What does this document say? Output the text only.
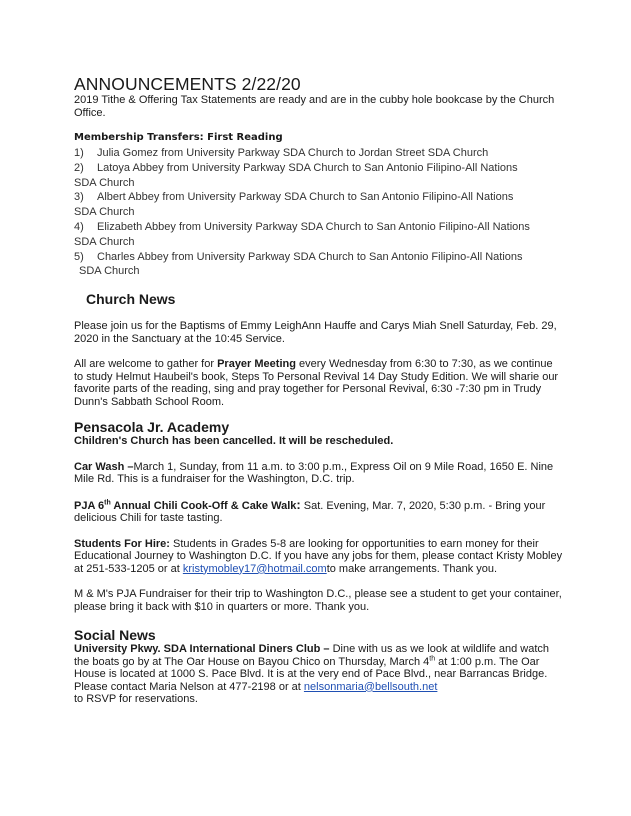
ANNOUNCEMENTS 2/22/20

2019 Tithe & Offering Tax Statements are ready and are in the cubby hole bookcase by the Church Office.

Membership Transfers: First Reading
1) Julia Gomez from University Parkway SDA Church to Jordan Street SDA Church
2) Latoya Abbey from University Parkway SDA Church to San Antonio Filipino-All Nations
SDA Church
3) Albert Abbey from University Parkway SDA Church to San Antonio Filipino-All Nations
SDA Church
4) Elizabeth Abbey from University Parkway SDA Church to San Antonio Filipino-All Nations
SDA Church
5) Charles Abbey from University Parkway SDA Church to San Antonio Filipino-All Nations
SDA Church
Church News

Please join us for the Baptisms of Emmy LeighAnn Hauffe and Carys Miah Snell Saturday, Feb. 29, 2020 in the Sanctuary at the 10:45 Service.

All are welcome to gather for Prayer Meeting every Wednesday from 6:30 to 7:30, as we continue to study Helmut Haubeil's book, Steps To Personal Revival 14 Day Study Edition. We will sharie our favorite parts of the reading, sing and pray together for Personal Revival, 6:30 -7:30 pm in Trudy Dunn's Sabbath School Room.

Pensacola Jr. Academy

Children's Church has been cancelled. It will be rescheduled.

Car Wash –March 1, Sunday, from 11 a.m. to 3:00 p.m., Express Oil on 9 Mile Road, 1650 E. Nine Mile Rd. This is a fundraiser for the Washington, D.C. trip.

PJA 6th Annual Chili Cook-Off & Cake Walk: Sat. Evening, Mar. 7, 2020, 5:30 p.m. - Bring your delicious Chili for taste tasting.

Students For Hire: Students in Grades 5-8 are looking for opportunities to earn money for their Educational Journey to Washington D.C. If you have any jobs for them, please contact Kristy Mobley at 251-533-1205 or at kristymobley17@hotmail.comto make arrangements. Thank you.

M & M's PJA Fundraiser for their trip to Washington D.C., please see a student to get your container, please bring it back with $10 in quarters or more. Thank you.

Social News

University Pkwy. SDA International Diners Club – Dine with us as we look at wildlife and watch the boats go by at The Oar House on Bayou Chico on Thursday, March 4th at 1:00 p.m. The Oar House is located at 1000 S. Pace Blvd. It is at the very end of Pace Blvd., near Barrancas Bridge. Please contact Maria Nelson at 477-2198 or at nelsonmaria@bellsouth.net
to RSVP for reservations.
